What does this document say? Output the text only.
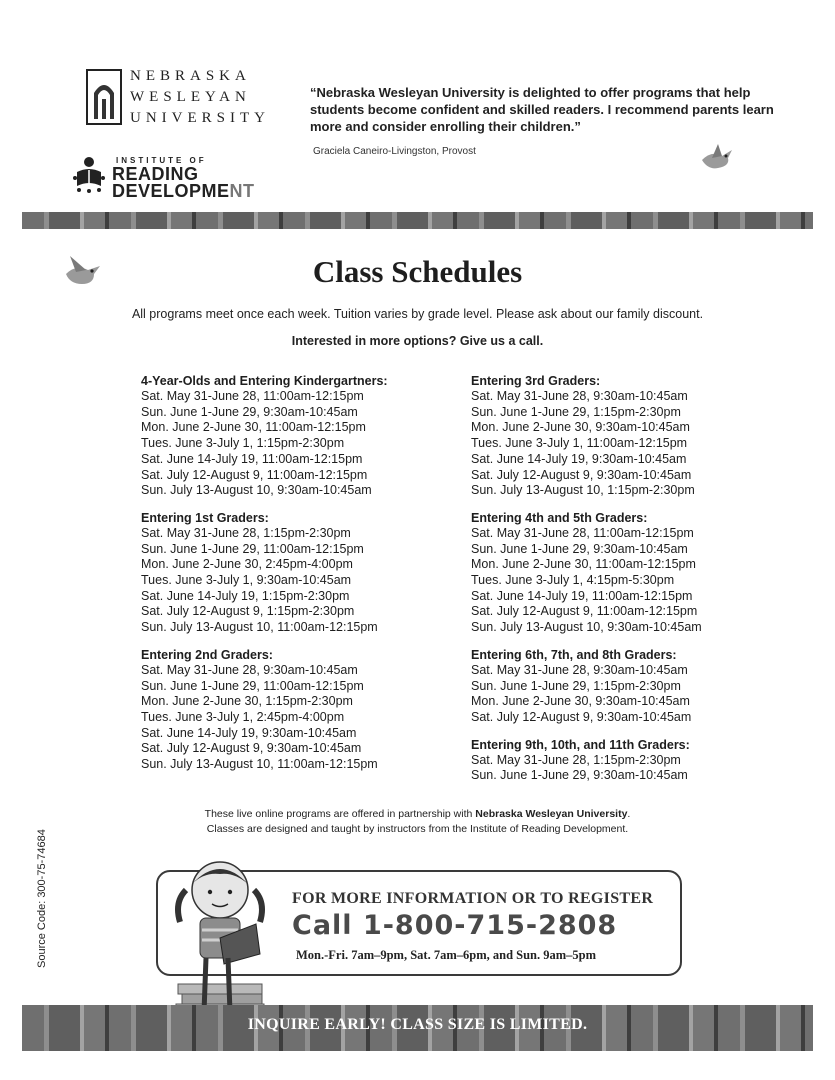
NEBRASKA
WESLEYAN
UNIVERSITY
INSTITUTE OF
READING
DEVELOPMENT
“Nebraska Wesleyan University is delighted to offer programs that help students become confident and skilled readers. I recommend parents learn more and consider enrolling their children.”
Graciela Caneiro-Livingston, Provost
Class Schedules
All programs meet once each week. Tuition varies by grade level. Please ask about our family discount.
Interested in more options? Give us a call.
4-Year-Olds and Entering Kindergartners:
Sat. May 31-June 28, 11:00am-12:15pm
Sun. June 1-June 29, 9:30am-10:45am
Mon. June 2-June 30, 11:00am-12:15pm
Tues. June 3-July 1, 1:15pm-2:30pm
Sat. June 14-July 19, 11:00am-12:15pm
Sat. July 12-August 9, 11:00am-12:15pm
Sun. July 13-August 10, 9:30am-10:45am
Entering 1st Graders:
Sat. May 31-June 28, 1:15pm-2:30pm
Sun. June 1-June 29, 11:00am-12:15pm
Mon. June 2-June 30, 2:45pm-4:00pm
Tues. June 3-July 1, 9:30am-10:45am
Sat. June 14-July 19, 1:15pm-2:30pm
Sat. July 12-August 9, 1:15pm-2:30pm
Sun. July 13-August 10, 11:00am-12:15pm
Entering 2nd Graders:
Sat. May 31-June 28, 9:30am-10:45am
Sun. June 1-June 29, 11:00am-12:15pm
Mon. June 2-June 30, 1:15pm-2:30pm
Tues. June 3-July 1, 2:45pm-4:00pm
Sat. June 14-July 19, 9:30am-10:45am
Sat. July 12-August 9, 9:30am-10:45am
Sun. July 13-August 10, 11:00am-12:15pm
Entering 3rd Graders:
Sat. May 31-June 28, 9:30am-10:45am
Sun. June 1-June 29, 1:15pm-2:30pm
Mon. June 2-June 30, 9:30am-10:45am
Tues. June 3-July 1, 11:00am-12:15pm
Sat. June 14-July 19, 9:30am-10:45am
Sat. July 12-August 9, 9:30am-10:45am
Sun. July 13-August 10, 1:15pm-2:30pm
Entering 4th and 5th Graders:
Sat. May 31-June 28, 11:00am-12:15pm
Sun. June 1-June 29, 9:30am-10:45am
Mon. June 2-June 30, 11:00am-12:15pm
Tues. June 3-July 1, 4:15pm-5:30pm
Sat. June 14-July 19, 11:00am-12:15pm
Sat. July 12-August 9, 11:00am-12:15pm
Sun. July 13-August 10, 9:30am-10:45am
Entering 6th, 7th, and 8th Graders:
Sat. May 31-June 28, 9:30am-10:45am
Sun. June 1-June 29, 1:15pm-2:30pm
Mon. June 2-June 30, 9:30am-10:45am
Sat. July 12-August 9, 9:30am-10:45am
Entering 9th, 10th, and 11th Graders:
Sat. May 31-June 28, 1:15pm-2:30pm
Sun. June 1-June 29, 9:30am-10:45am
These live online programs are offered in partnership with Nebraska Wesleyan University.
Classes are designed and taught by instructors from the Institute of Reading Development.
Source Code: 300-75-74684	FOR MORE INFORMATION OR TO REGISTER
Call 1-800-715-2808
Mon.-Fri. 7am–9pm, Sat. 7am–6pm, and Sun. 9am–5pm
INQUIRE EARLY! CLASS SIZE IS LIMITED.
